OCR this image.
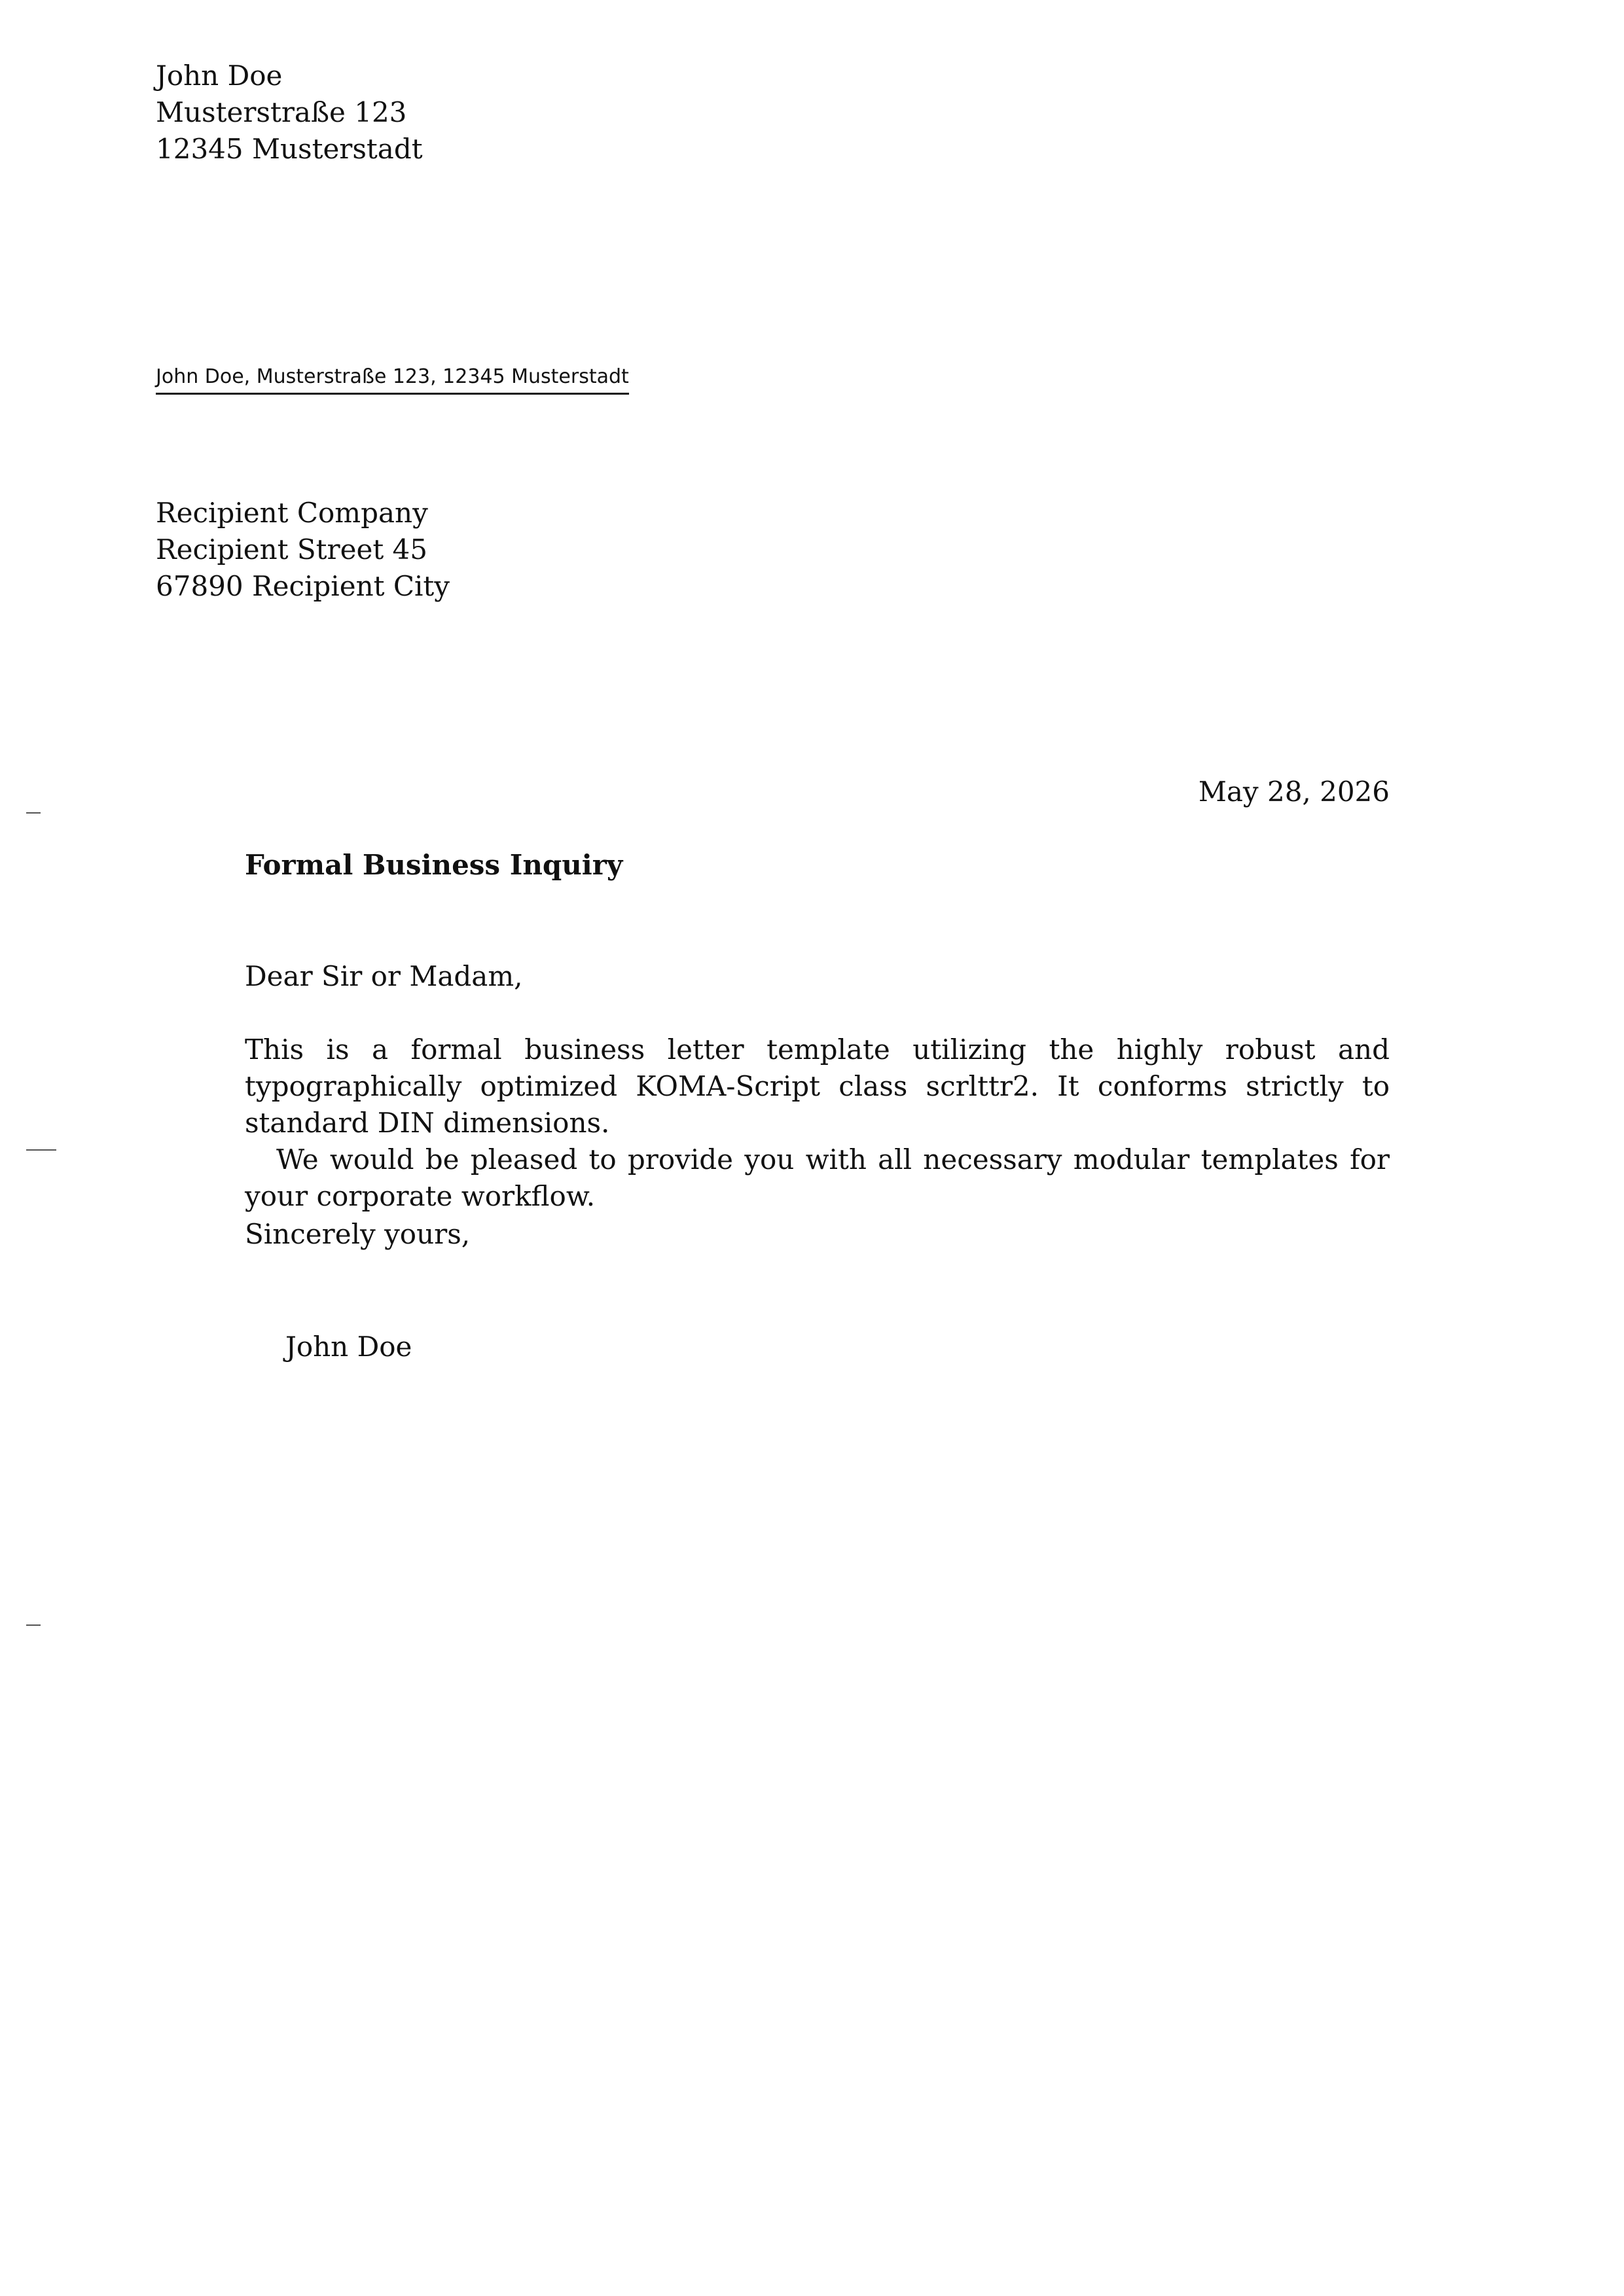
John Doe
Musterstraße 123
12345 Musterstadt
John Doe, Musterstraße 123, 12345 Musterstadt
Recipient Company
Recipient Street 45
67890 Recipient City
May 28, 2026
Formal Business Inquiry
Dear Sir or Madam,

This is a formal business letter template utilizing the highly robust and typographically optimized KOMA-Script class scrlttr2. It conforms strictly to standard DIN dimensions.

We would be pleased to provide you with all necessary modular templates for your corporate workflow.

Sincerely yours,
John Doe
